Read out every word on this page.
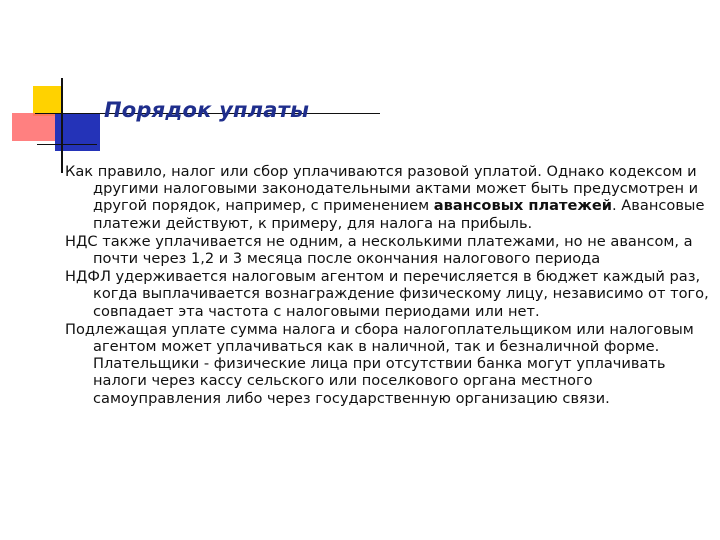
Порядок уплаты

Как правило, налог или сбор уплачиваются разовой уплатой. Однако кодексом и другими налоговыми законодательными актами может быть предусмотрен и другой порядок, например, с применением авансовых платежей. Авансовые платежи действуют, к примеру, для налога на прибыль.

НДС также уплачивается не одним, а несколькими платежами, но не авансом, а почти через 1,2 и 3 месяца после окончания налогового периода

НДФЛ удерживается налоговым агентом и перечисляется в бюджет каждый раз, когда выплачивается вознаграждение физическому лицу, независимо от того, совпадает эта частота с налоговыми периодами или нет.

Подлежащая уплате сумма налога и сбора налогоплательщиком или налоговым агентом может уплачиваться как в наличной, так и безналичной форме. Плательщики - физические лица при отсутствии банка могут уплачивать налоги через кассу сельского или поселкового органа местного самоуправления либо через государственную организацию связи.
